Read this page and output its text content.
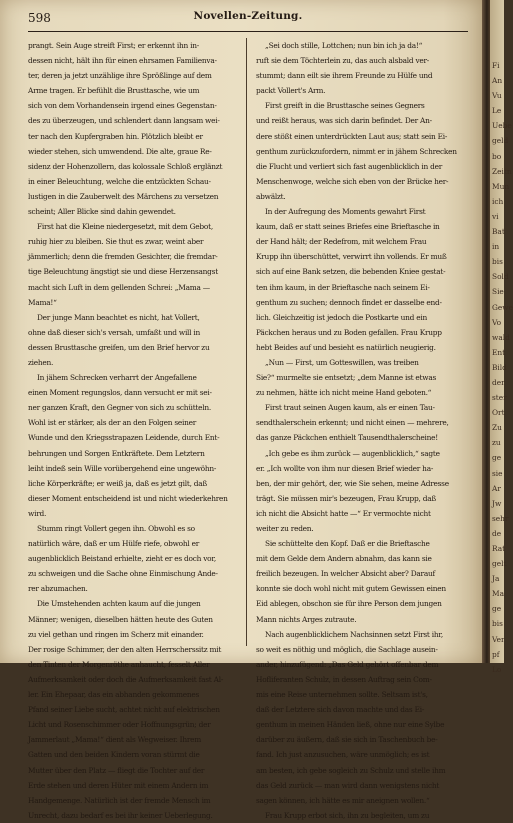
598	Novellen-Zeitung.
prangt. Sein Auge streift First; er erkennt ihn in-
dessen nicht, hält ihn für einen ehrsamen Familienva-
ter, deren ja jetzt unzählige ihre Sprößlinge auf dem
Arme tragen. Er befühlt die Brusttasche, wie um
sich von dem Vorhandensein irgend eines Gegenstan-
des zu überzeugen, und schlendert dann langsam wei-
ter nach den Kupfergraben hin. Plötzlich bleibt er
wieder stehen, sich umwendend. Die alte, graue Re-
sidenz der Hohenzollern, das kolossale Schloß erglänzt
in einer Beleuchtung, welche die entzückten Schau-
lustigen in die Zauberwelt des Märchens zu versetzen
scheint; Aller Blicke sind dahin gewendet.
First hat die Kleine niedergesetzt, mit dem Gebot,
ruhig hier zu bleiben. Sie thut es zwar, weint aber
jämmerlich; denn die fremden Gesichter, die fremdar-
tige Beleuchtung ängstigt sie und diese Herzensangst
macht sich Luft in dem gellenden Schrei: „Mama —
Mama!“
Der junge Mann beachtet es nicht, hat Vollert,
ohne daß dieser sich's versah, umfaßt und will in
dessen Brusttasche greifen, um den Brief hervor zu
ziehen.
In jähem Schrecken verharrt der Angefallene
einen Moment regungslos, dann versucht er mit sei-
ner ganzen Kraft, den Gegner von sich zu schütteln.
Wohl ist er stärker, als der an den Folgen seiner
Wunde und den Kriegsstrapazen Leidende, durch Ent-
behrungen und Sorgen Entkräftete. Dem Letztern
leiht indeß sein Wille vorübergehend eine ungewöhn-
liche Körperkräfte; er weiß ja, daß es jetzt gilt, daß
dieser Moment entscheidend ist und nicht wiederkehren
wird.
Stumm ringt Vollert gegen ihn. Obwohl es so
natürlich wäre, daß er um Hülfe riefe, obwohl er
augenblicklich Beistand erhielte, zieht er es doch vor,
zu schweigen und die Sache ohne Einmischung Ande-
rer abzumachen.
Die Umstehenden achten kaum auf die jungen
Männer; wenigen, dieselben hätten heute des Guten
zu viel gethan und ringen im Scherz mit einander.
Der rosige Schimmer, der den alten Herrscherssitz mit
den Tinten der Morgenröthe anhaucht, fesselt Aller
Aufmerksamkeit oder doch die Aufmerksamkeit fast Al-
ler. Ein Ehepaar, das ein abhanden gekommenes
Pfand seiner Liebe sucht, achtet nicht auf elektrischen
Licht und Rosenschimmer oder Hoffnungsgrün; der
Jammerlaut „Mama!“ dient als Wegweiser. Ihrem
Gatten und den beiden Kindern voran stürmt die
Mutter über den Platz — fliegt die Tochter auf der
Erde stehen und deren Hüter mit einem Andern im
Handgemenge. Natürlich ist der fremde Mensch im
Unrecht, dazu bedarf es bei ihr keiner Ueberlegung.
„Sei doch stille, Lottchen; nun bin ich ja da!“
ruft sie dem Töchterlein zu, das auch alsbald ver-
stummt; dann eilt sie ihrem Freunde zu Hülfe und
packt Vollert's Arm.
First greift in die Brusttasche seines Gegners
und reißt heraus, was sich darin befindet. Der An-
dere stößt einen unterdrückten Laut aus; statt sein Ei-
genthum zurückzufordern, nimmt er in jähem Schrecken
die Flucht und verliert sich fast augenblicklich in der
Menschenwoge, welche sich eben von der Brücke her-
abwälzt.
In der Aufregung des Moments gewahrt First
kaum, daß er statt seines Briefes eine Brieftasche in
der Hand hält; der Redefrom, mit welchem Frau
Krupp ihn überschüttet, verwirrt ihn vollends. Er muß
sich auf eine Bank setzen, die bebenden Kniee gestat-
ten ihm kaum, in der Brieftasche nach seinem Ei-
genthum zu suchen; dennoch findet er dasselbe end-
lich. Gleichzeitig ist jedoch die Postkarte und ein
Päckchen heraus und zu Boden gefallen. Frau Krupp
hebt Beides auf und besieht es natürlich neugierig.
„Nun — First, um Gotteswillen, was treiben
Sie?“ murmelte sie entsetzt; „dem Manne ist etwas
zu nehmen, hätte ich nicht meine Hand geboten.“
First traut seinen Augen kaum, als er einen Tau-
sendthalerschein erkennt; und nicht einen — mehrere,
das ganze Päckchen enthielt Tausendthalerscheine!
„Ich gebe es ihm zurück — augenblicklich,“ sagte
er. „Ich wollte von ihm nur diesen Brief wieder ha-
ben, der mir gehört, der, wie Sie sehen, meine Adresse
trägt. Sie müssen mir's bezeugen, Frau Krupp, daß
ich nicht die Absicht hatte —“ Er vermochte nicht
weiter zu reden.
Sie schüttelte den Kopf. Daß er die Brieftasche
mit dem Gelde dem Andern abnahm, das kann sie
freilich bezeugen. In welcher Absicht aber? Darauf
konnte sie doch wohl nicht mit gutem Gewissen einen
Eid ablegen, obschon sie für ihre Person dem jungen
Mann nichts Arges zutraute.
Nach augenblicklichem Nachsinnen setzt First ihr,
so weit es nöthig und möglich, die Sachlage ausein-
ander, hinzufügend: „Das Geld gehört offenbar dem
Hofliferanten Schulz, in dessen Auftrag sein Com-
mis eine Reise unternehmen sollte. Seltsam ist's,
daß der Letztere sich davon machte und das Ei-
genthum in meinen Händen ließ, ohne nur eine Sylbe
darüber zu äußern, daß sie sich in Taschenbuch be-
fand. Ich just anzusuchen, wäre unmöglich; es ist
am besten, ich gebe sogleich zu Schulz und stelle ihm
das Geld zurück — man wird dann wenigstens nicht
sagen können, ich hätte es mir aneignen wollen.“
Frau Krupp erbot sich, ihn zu begleiten, um zu
Fi
An
Vu
Le
Uebe
geld
bo
Zeitn
Mun
ich
vi
Bat
in
bis
Sold
Sie
Gewe
Vo
wald
Ent
Bild
der
ster
Ort
Zu
zu
ge
sie
Ar
Jw
sehr
de
Rat
gelt
Ja
Ma
ge
bis
Ver
pf
Lo
